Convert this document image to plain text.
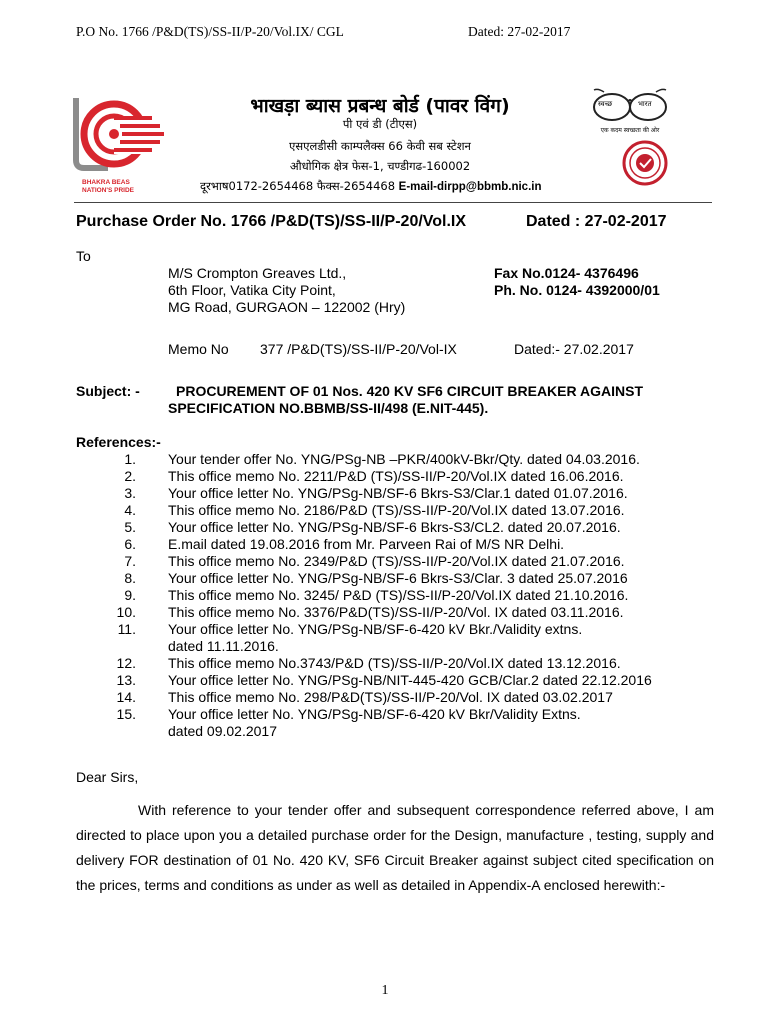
P.O No. 1766 /P&D(TS)/SS-II/P-20/Vol.IX/ CGL	Dated: 27-02-2017
BHAKRA BEAS
NATION'S PRIDE
भाखड़ा ब्यास प्रबन्ध बोर्ड (पावर विंग)
पी एवं डी (टीएस)
एसएलडीसी काम्पलैक्स 66 केवी सब स्टेशन
औधोगिक क्षेत्र फेस-1, चण्डीगढ-160002
दूरभाष0172-2654468 फैक्स-2654468 E-mail-dirpp@bbmb.nic.in
स्वच्छ	भारत
एक कदम स्वच्छता की ओर
Purchase Order No. 1766 /P&D(TS)/SS-II/P-20/Vol.IX	Dated : 27-02-2017
To
M/S Crompton Greaves Ltd.,
6th Floor, Vatika City Point,
MG Road, GURGAON – 122002 (Hry)
Fax No.0124- 4376496
Ph. No. 0124- 4392000/01
Memo No 377 /P&D(TS)/SS-II/P-20/Vol-IX	Dated:- 27.02.2017
Subject: -	PROCUREMENT OF 01 Nos. 420 KV SF6 CIRCUIT BREAKER AGAINST
SPECIFICATION NO.BBMB/SS-II/498 (E.NIT-445).
References:-
1. Your tender offer No. YNG/PSg-NB –PKR/400kV-Bkr/Qty. dated 04.03.2016.
2. This office memo No. 2211/P&D (TS)/SS-II/P-20/Vol.IX dated 16.06.2016.
3. Your office letter No. YNG/PSg-NB/SF-6 Bkrs-S3/Clar.1 dated 01.07.2016.
4. This office memo No. 2186/P&D (TS)/SS-II/P-20/Vol.IX dated 13.07.2016.
5. Your office letter No. YNG/PSg-NB/SF-6 Bkrs-S3/CL2. dated 20.07.2016.
6. E.mail dated 19.08.2016 from Mr. Parveen Rai of M/S NR Delhi.
7. This office memo No. 2349/P&D (TS)/SS-II/P-20/Vol.IX dated 21.07.2016.
8. Your office letter No. YNG/PSg-NB/SF-6 Bkrs-S3/Clar. 3 dated 25.07.2016
9. This office memo No. 3245/ P&D (TS)/SS-II/P-20/Vol.IX dated 21.10.2016.
10. This office memo No. 3376/P&D(TS)/SS-II/P-20/Vol. IX dated 03.11.2016.
11. Your office letter No. YNG/PSg-NB/SF-6-420 kV Bkr./Validity extns.
dated 11.11.2016.
12. This office memo No.3743/P&D (TS)/SS-II/P-20/Vol.IX dated 13.12.2016.
13. Your office letter No. YNG/PSg-NB/NIT-445-420 GCB/Clar.2 dated 22.12.2016
14. This office memo No. 298/P&D(TS)/SS-II/P-20/Vol. IX dated 03.02.2017
15. Your office letter No. YNG/PSg-NB/SF-6-420 kV Bkr/Validity Extns.
dated 09.02.2017
Dear Sirs,

With reference to your tender offer and subsequent correspondence referred above, I am directed to place upon you a detailed purchase order for the Design, manufacture , testing, supply and delivery FOR destination of 01 No. 420 KV, SF6 Circuit Breaker against subject cited specification on the prices, terms and conditions as under as well as detailed in Appendix-A enclosed herewith:-

1
